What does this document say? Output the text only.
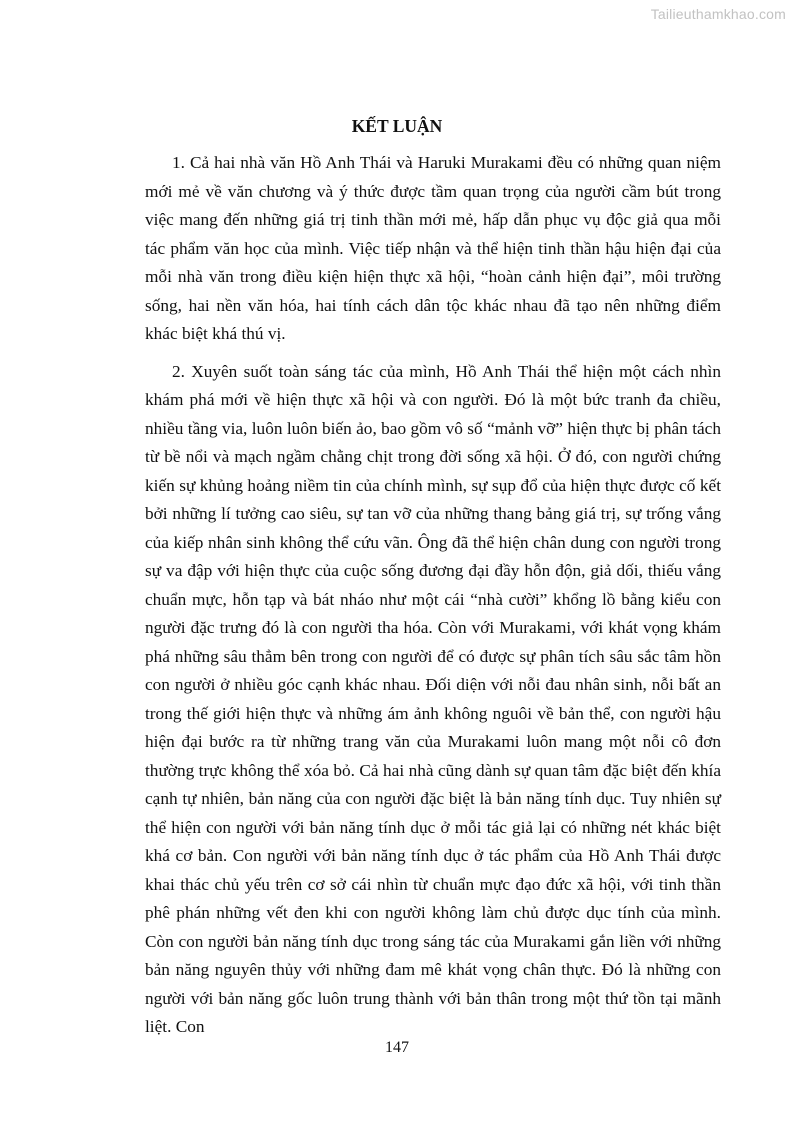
Tailieuthamkhao.com
KẾT LUẬN

1. Cả hai nhà văn Hồ Anh Thái và Haruki Murakami đều có những quan niệm mới mẻ về văn chương và ý thức được tầm quan trọng của người cầm bút trong việc mang đến những giá trị tinh thần mới mẻ, hấp dẫn phục vụ độc giả qua mỗi tác phẩm văn học của mình. Việc tiếp nhận và thể hiện tinh thần hậu hiện đại của mỗi nhà văn trong điều kiện hiện thực xã hội, “hoàn cảnh hiện đại”, môi trường sống, hai nền văn hóa, hai tính cách dân tộc khác nhau đã tạo nên những điểm khác biệt khá thú vị.

2. Xuyên suốt toàn sáng tác của mình, Hồ Anh Thái thể hiện một cách nhìn khám phá mới về hiện thực xã hội và con người. Đó là một bức tranh đa chiều, nhiều tầng via, luôn luôn biến ảo, bao gồm vô số “mảnh vỡ” hiện thực bị phân tách từ bề nổi và mạch ngầm chằng chịt trong đời sống xã hội. Ở đó, con người chứng kiến sự khủng hoảng niềm tin của chính mình, sự sụp đổ của hiện thực được cố kết bởi những lí tưởng cao siêu, sự tan vỡ của những thang bảng giá trị, sự trống vắng của kiếp nhân sinh không thể cứu vãn. Ông đã thể hiện chân dung con người trong sự va đập với hiện thực của cuộc sống đương đại đầy hỗn độn, giả dối, thiếu vắng chuẩn mực, hỗn tạp và bát nháo như một cái “nhà cười” khổng lồ bằng kiểu con người đặc trưng đó là con người tha hóa. Còn với Murakami, với khát vọng khám phá những sâu thẳm bên trong con người để có được sự phân tích sâu sắc tâm hồn con người ở nhiều góc cạnh khác nhau. Đối diện với nỗi đau nhân sinh, nỗi bất an trong thế giới hiện thực và những ám ảnh không nguôi về bản thể, con người hậu hiện đại bước ra từ những trang văn của Murakami luôn mang một nỗi cô đơn thường trực không thể xóa bỏ. Cả hai nhà cũng dành sự quan tâm đặc biệt đến khía cạnh tự nhiên, bản năng của con người đặc biệt là bản năng tính dục. Tuy nhiên sự thể hiện con người với bản năng tính dục ở mỗi tác giả lại có những nét khác biệt khá cơ bản. Con người với bản năng tính dục ở tác phẩm của Hồ Anh Thái được khai thác chủ yếu trên cơ sở cái nhìn từ chuẩn mực đạo đức xã hội, với tinh thần phê phán những vết đen khi con người không làm chủ được dục tính của mình. Còn con người bản năng tính dục trong sáng tác của Murakami gắn liền với những bản năng nguyên thủy với những đam mê khát vọng chân thực. Đó là những con người với bản năng gốc luôn trung thành với bản thân trong một thứ tồn tại mãnh liệt. Con

147
